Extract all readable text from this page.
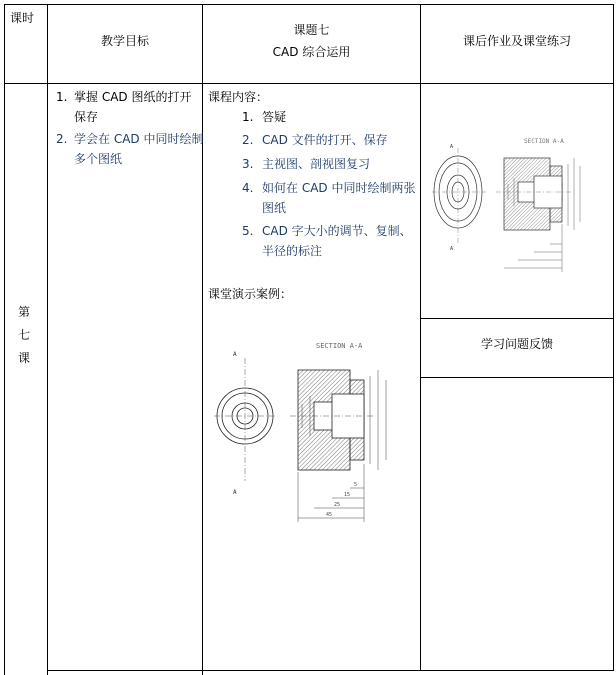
课时
教学目标
课题七
CAD 综合运用
课后作业及课堂练习
第
七
课
1. 掌握 CAD 图纸的打开
保存
2. 学会在 CAD 中同时绘制
多个图纸
课程内容：
1. 答疑
2. CAD 文件的打开、保存
3. 主视图、剖视图复习
4. 如何在 CAD 中同时绘制两张
图纸
5. CAD 字大小的调节、复制、
半径的标注
课堂演示案例：
SECTION A-A
A
A
5
15
25
45
SECTION A-A
A
A
学习问题反馈
